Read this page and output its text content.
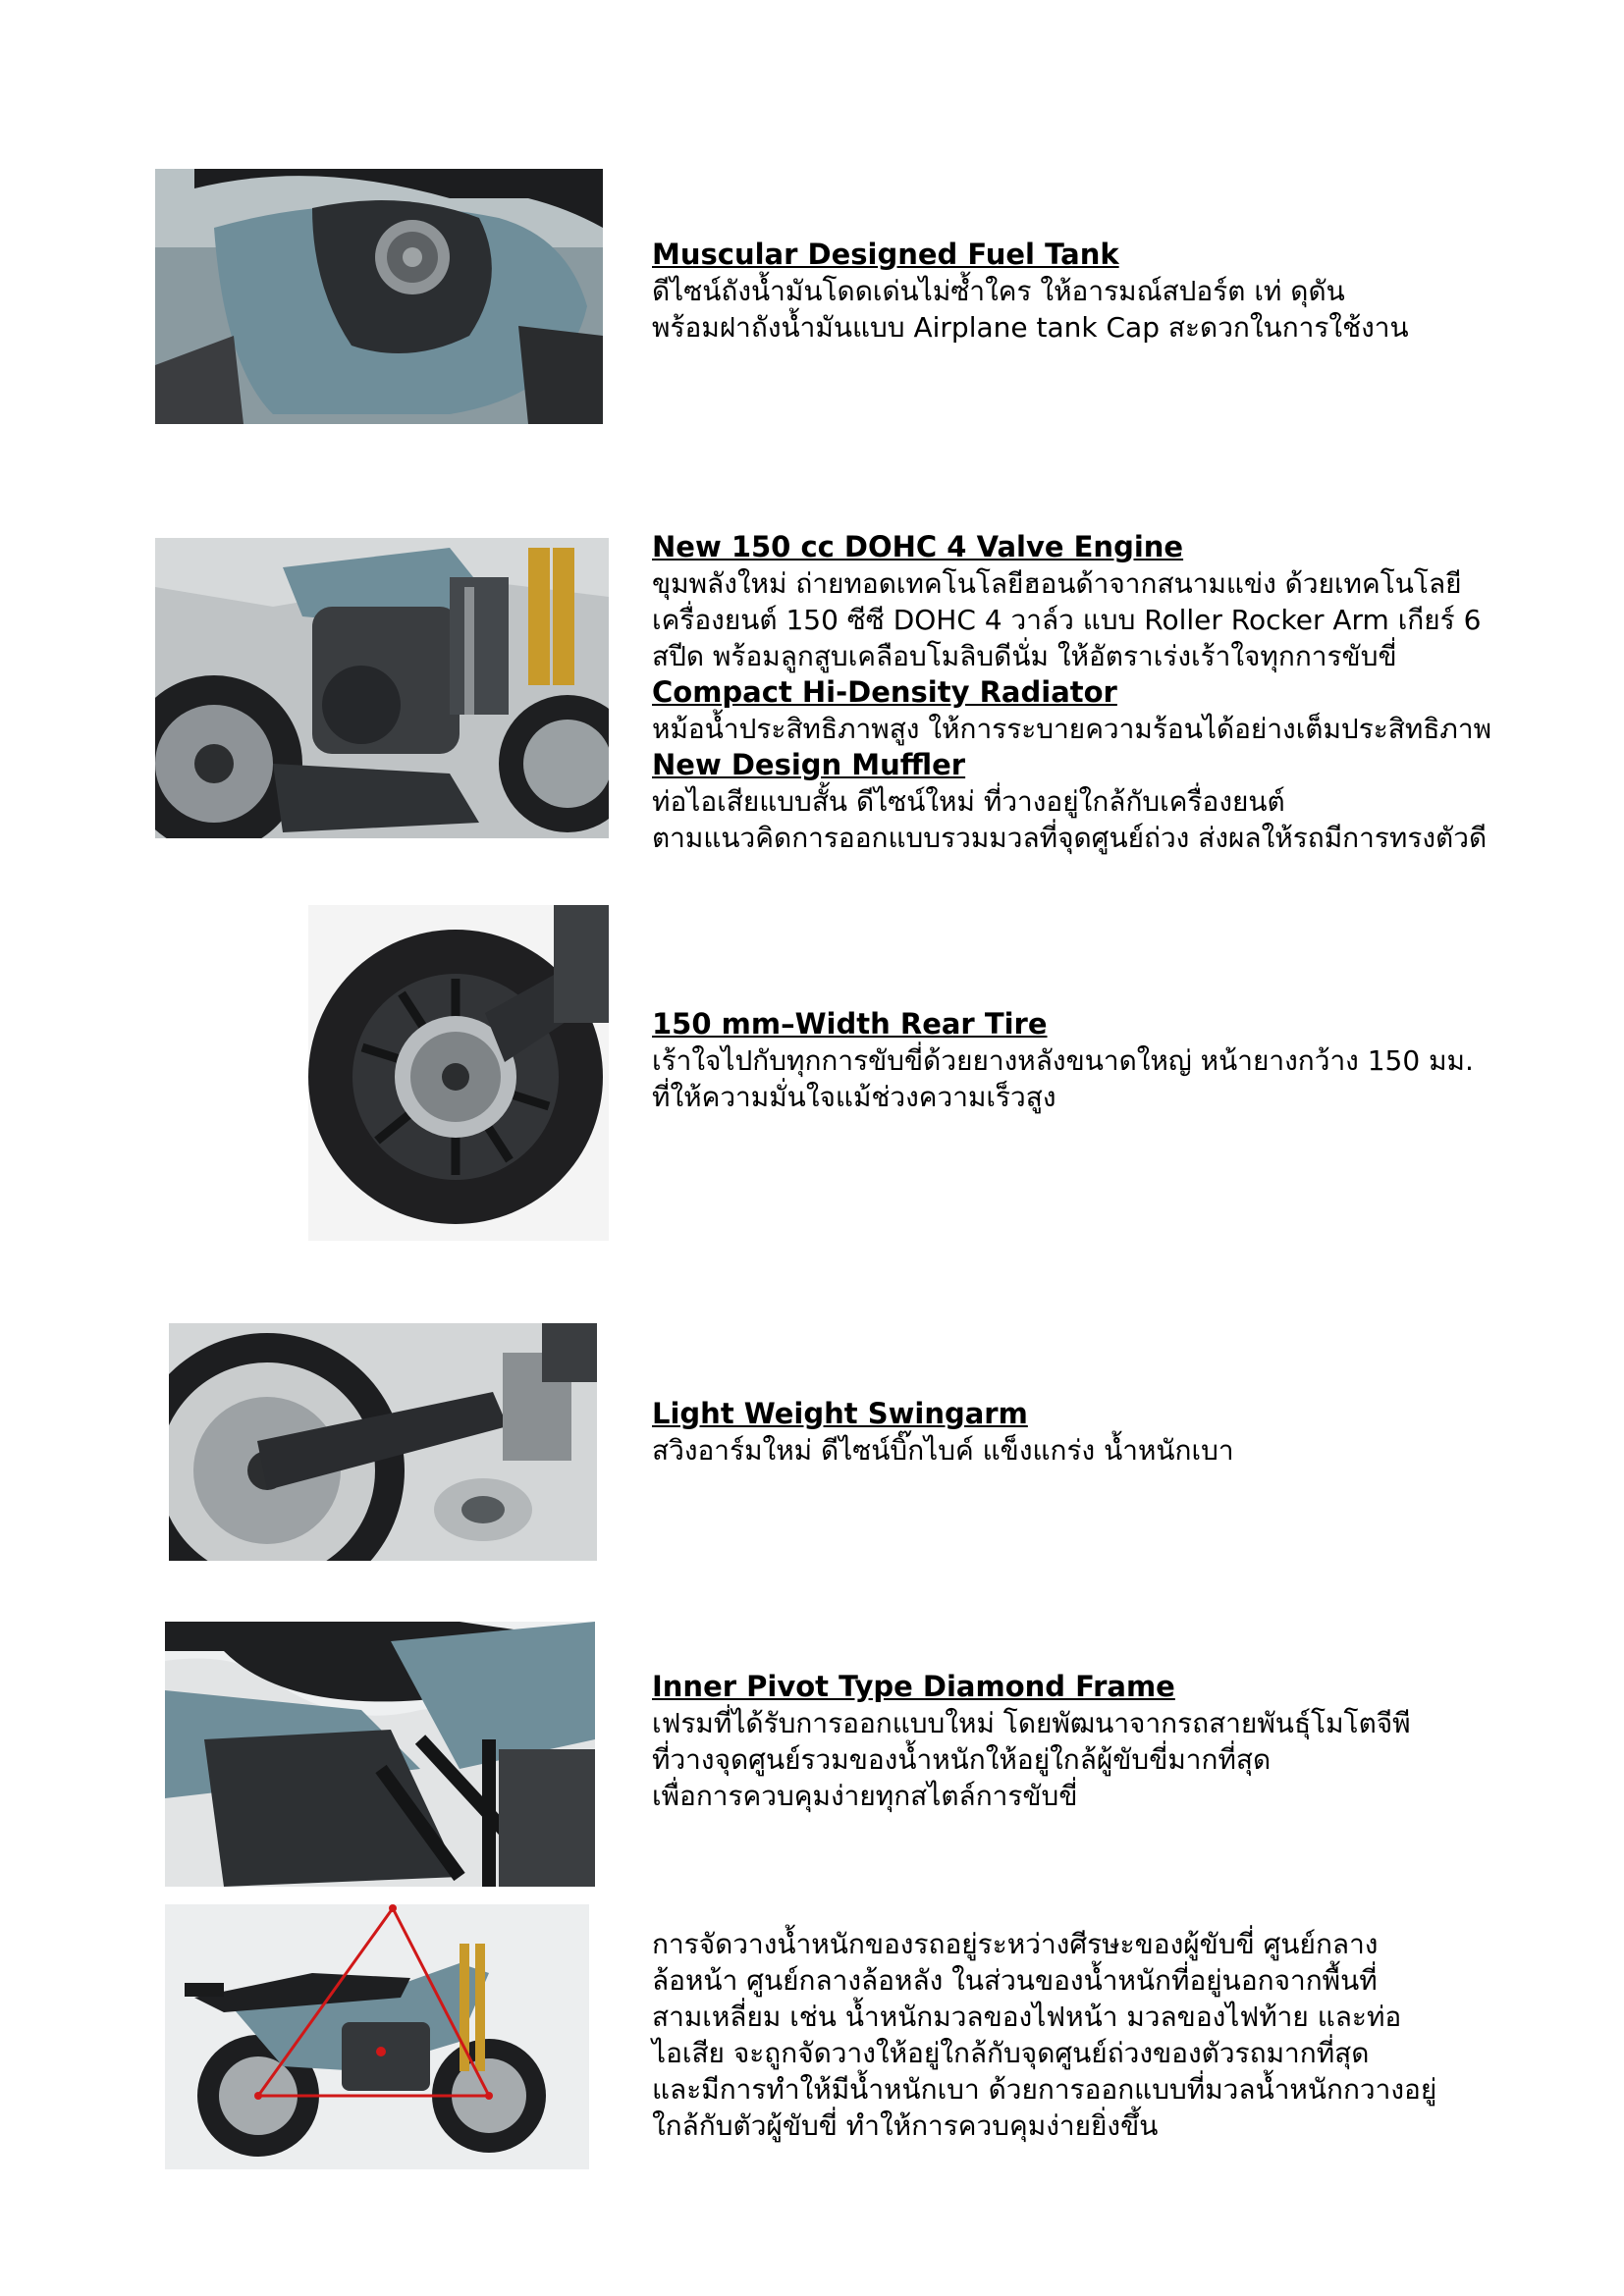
Muscular Designed Fuel Tank

ดีไซน์ถังน้ำมันโดดเด่นไม่ซ้ำใคร ให้อารมณ์สปอร์ต เท่ ดุดัน

พร้อมฝาถังน้ำมันแบบ Airplane tank Cap สะดวกในการใช้งาน

New 150 cc DOHC 4 Valve Engine

ขุมพลังใหม่ ถ่ายทอดเทคโนโลยีฮอนด้าจากสนามแข่ง ด้วยเทคโนโลยี

เครื่องยนต์ 150 ซีซี DOHC 4 วาล์ว แบบ Roller Rocker Arm เกียร์ 6

สปีด พร้อมลูกสูบเคลือบโมลิบดีนั่ม ให้อัตราเร่งเร้าใจทุกการขับขี่

Compact Hi-Density Radiator

หม้อน้ำประสิทธิภาพสูง ให้การระบายความร้อนได้อย่างเต็มประสิทธิภาพ

New Design Muffler

ท่อไอเสียแบบสั้น ดีไซน์ใหม่ ที่วางอยู่ใกล้กับเครื่องยนต์

ตามแนวคิดการออกแบบรวมมวลที่จุดศูนย์ถ่วง ส่งผลให้รถมีการทรงตัวดี

150 mm–Width Rear Tire

เร้าใจไปกับทุกการขับขี่ด้วยยางหลังขนาดใหญ่ หน้ายางกว้าง 150 มม.

ที่ให้ความมั่นใจแม้ช่วงความเร็วสูง

Light Weight Swingarm

สวิงอาร์มใหม่ ดีไซน์บิ๊กไบค์ แข็งแกร่ง น้ำหนักเบา

Inner Pivot Type Diamond Frame

เฟรมที่ได้รับการออกแบบใหม่ โดยพัฒนาจากรถสายพันธุ์โมโตจีพี

ที่วางจุดศูนย์รวมของน้ำหนักให้อยู่ใกล้ผู้ขับขี่มากที่สุด

เพื่อการควบคุมง่ายทุกสไตล์การขับขี่

การจัดวางน้ำหนักของรถอยู่ระหว่างศีรษะของผู้ขับขี่ ศูนย์กลาง

ล้อหน้า ศูนย์กลางล้อหลัง ในส่วนของน้ำหนักที่อยู่นอกจากพื้นที่

สามเหลี่ยม เช่น น้ำหนักมวลของไฟหน้า มวลของไฟท้าย และท่อ

ไอเสีย จะถูกจัดวางให้อยู่ใกล้กับจุดศูนย์ถ่วงของตัวรถมากที่สุด

และมีการทำให้มีน้ำหนักเบา ด้วยการออกแบบที่มวลน้ำหนักกวางอยู่

ใกล้กับตัวผู้ขับขี่ ทำให้การควบคุมง่ายยิ่งขึ้น
